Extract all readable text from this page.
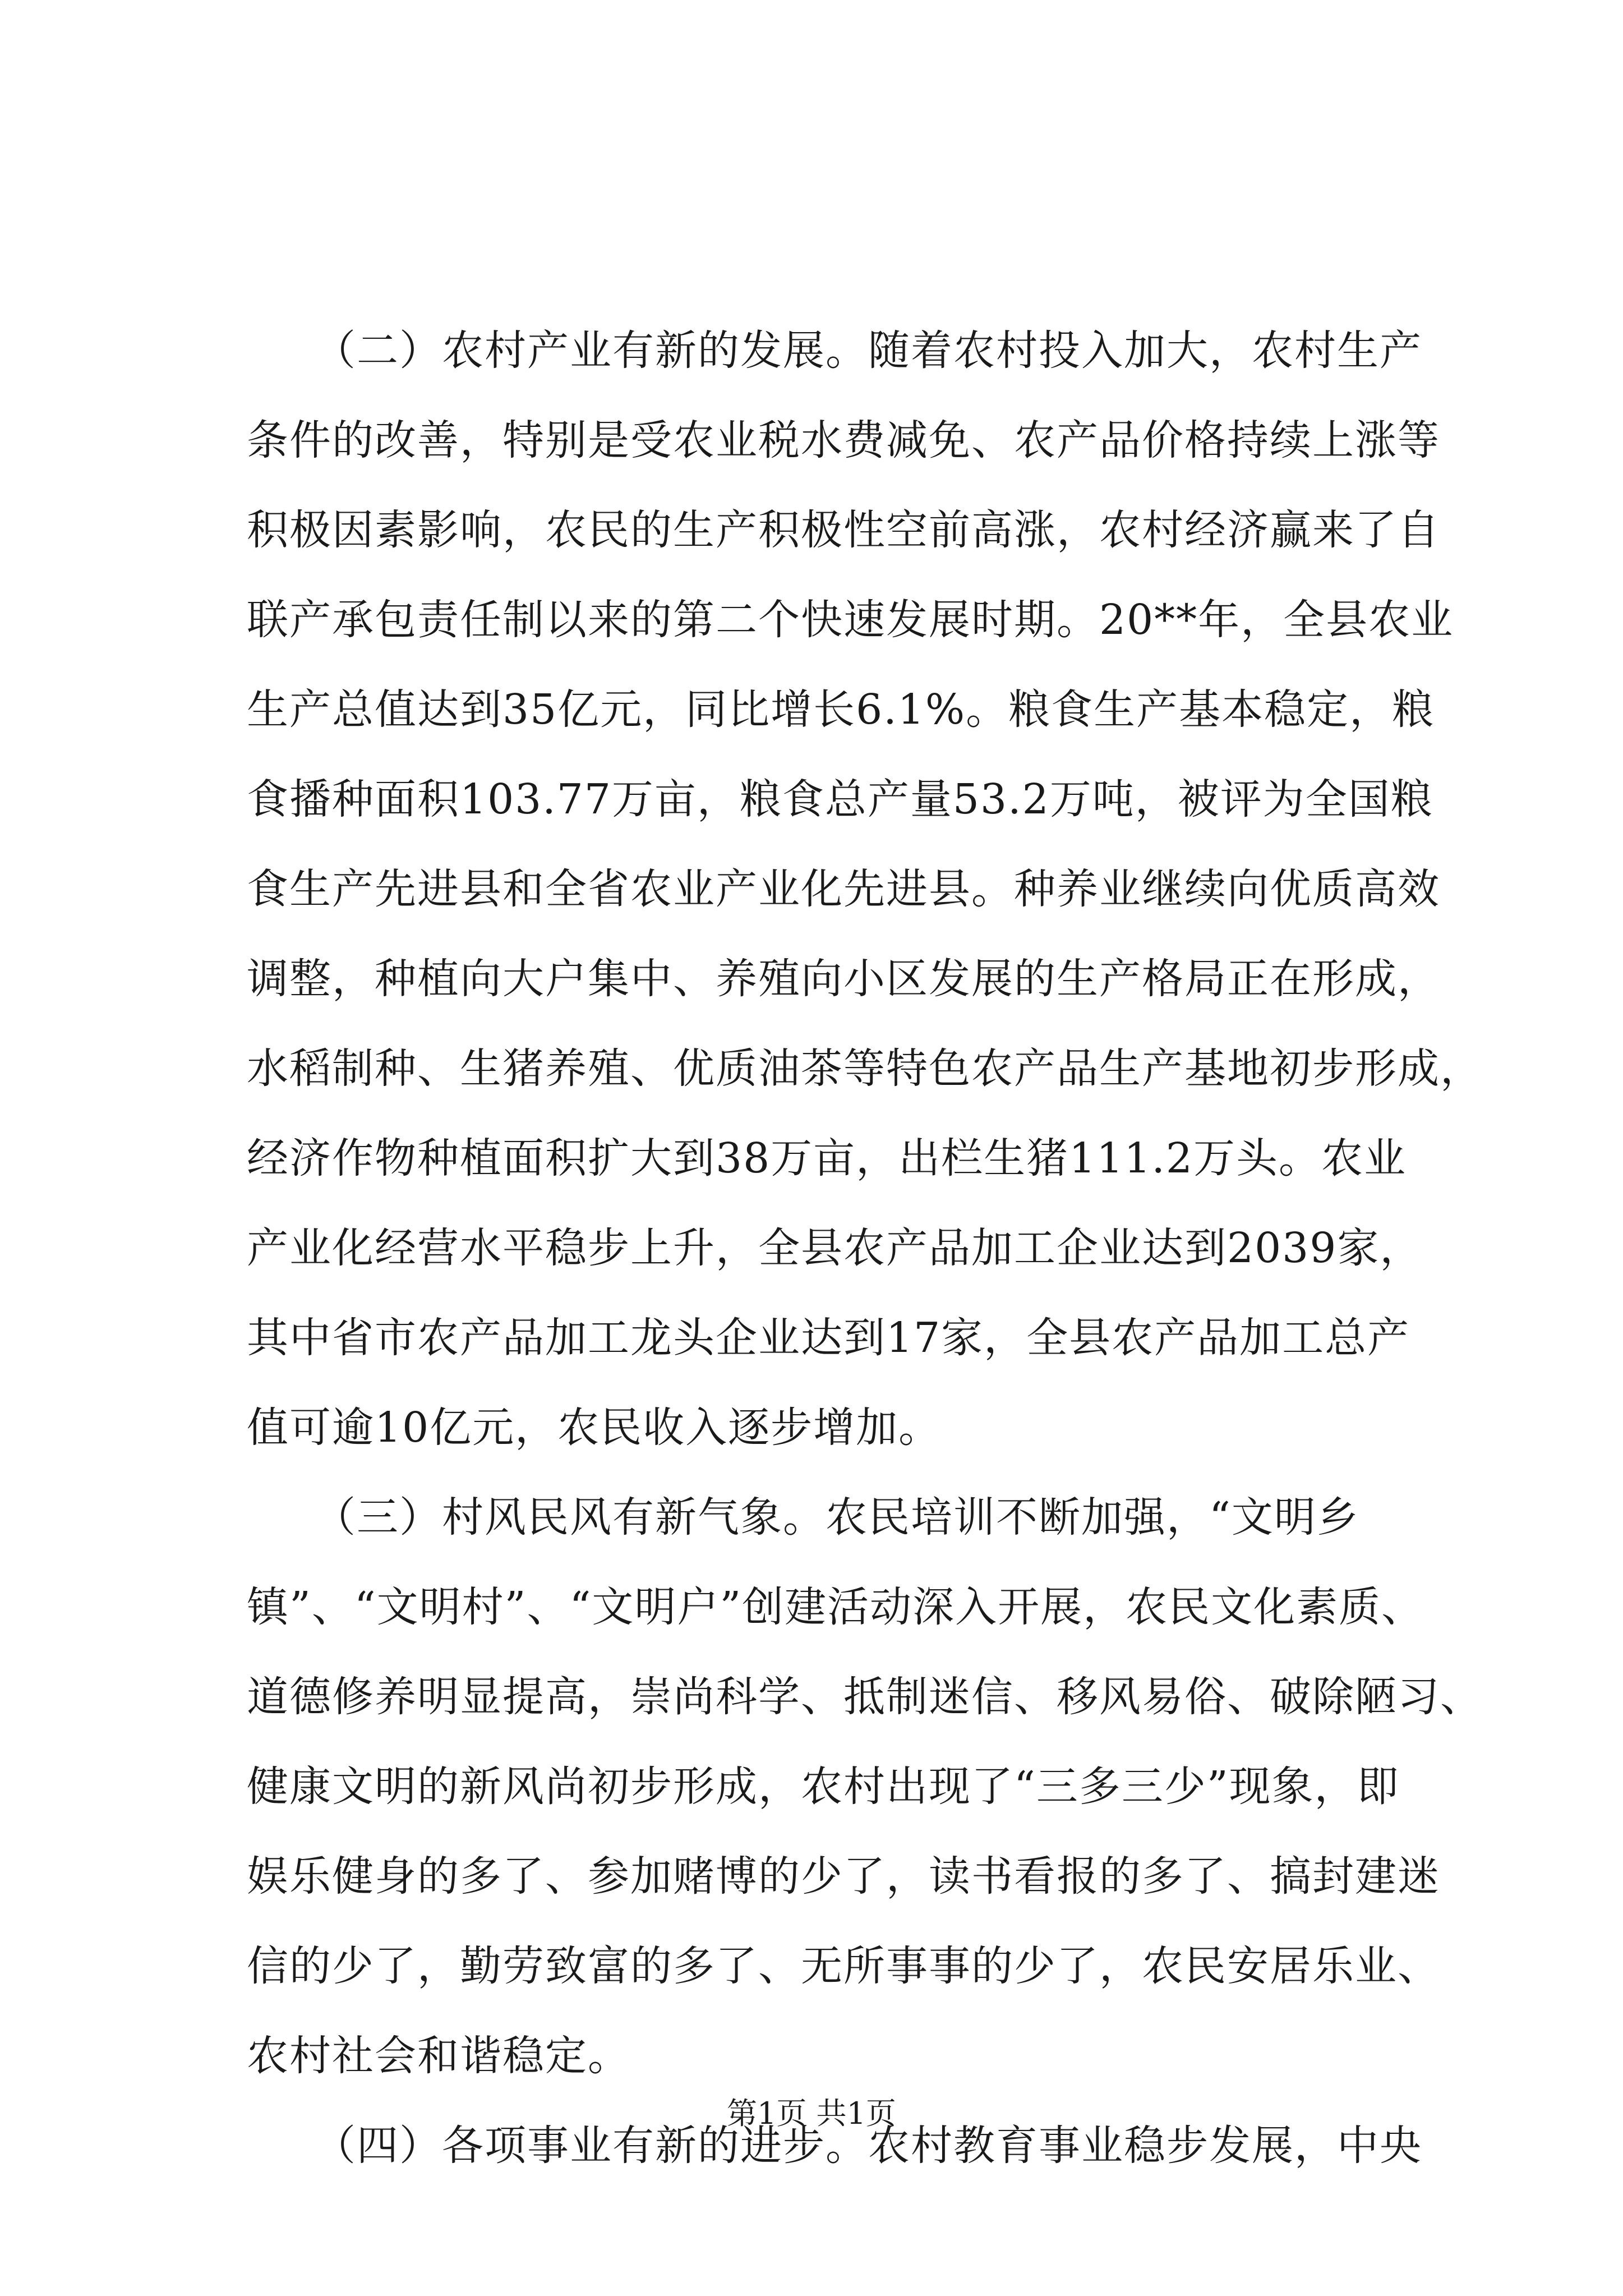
（二）农村产业有新的发展。随着农村投入加大，农村生产
条件的改善，特别是受农业税水费减免、农产品价格持续上涨等
积极因素影响，农民的生产积极性空前高涨，农村经济赢来了自
联产承包责任制以来的第二个快速发展时期。20**年，全县农业
生产总值达到35亿元，同比增长6.1%。粮食生产基本稳定，粮
食播种面积103.77万亩，粮食总产量53.2万吨，被评为全国粮
食生产先进县和全省农业产业化先进县。种养业继续向优质高效
调整，种植向大户集中、养殖向小区发展的生产格局正在形成，
水稻制种、生猪养殖、优质油茶等特色农产品生产基地初步形成，
经济作物种植面积扩大到38万亩，出栏生猪111.2万头。农业
产业化经营水平稳步上升，全县农产品加工企业达到2039家，
其中省市农产品加工龙头企业达到17家，全县农产品加工总产
值可逾10亿元，农民收入逐步增加。
（三）村风民风有新气象。农民培训不断加强，“文明乡
镇”、“文明村”、“文明户”创建活动深入开展，农民文化素质、
道德修养明显提高，崇尚科学、抵制迷信、移风易俗、破除陋习、
健康文明的新风尚初步形成，农村出现了“三多三少”现象，即
娱乐健身的多了、参加赌博的少了，读书看报的多了、搞封建迷
信的少了，勤劳致富的多了、无所事事的少了，农民安居乐业、
农村社会和谐稳定。
（四）各项事业有新的进步。农村教育事业稳步发展，中央
第1页 共1页
